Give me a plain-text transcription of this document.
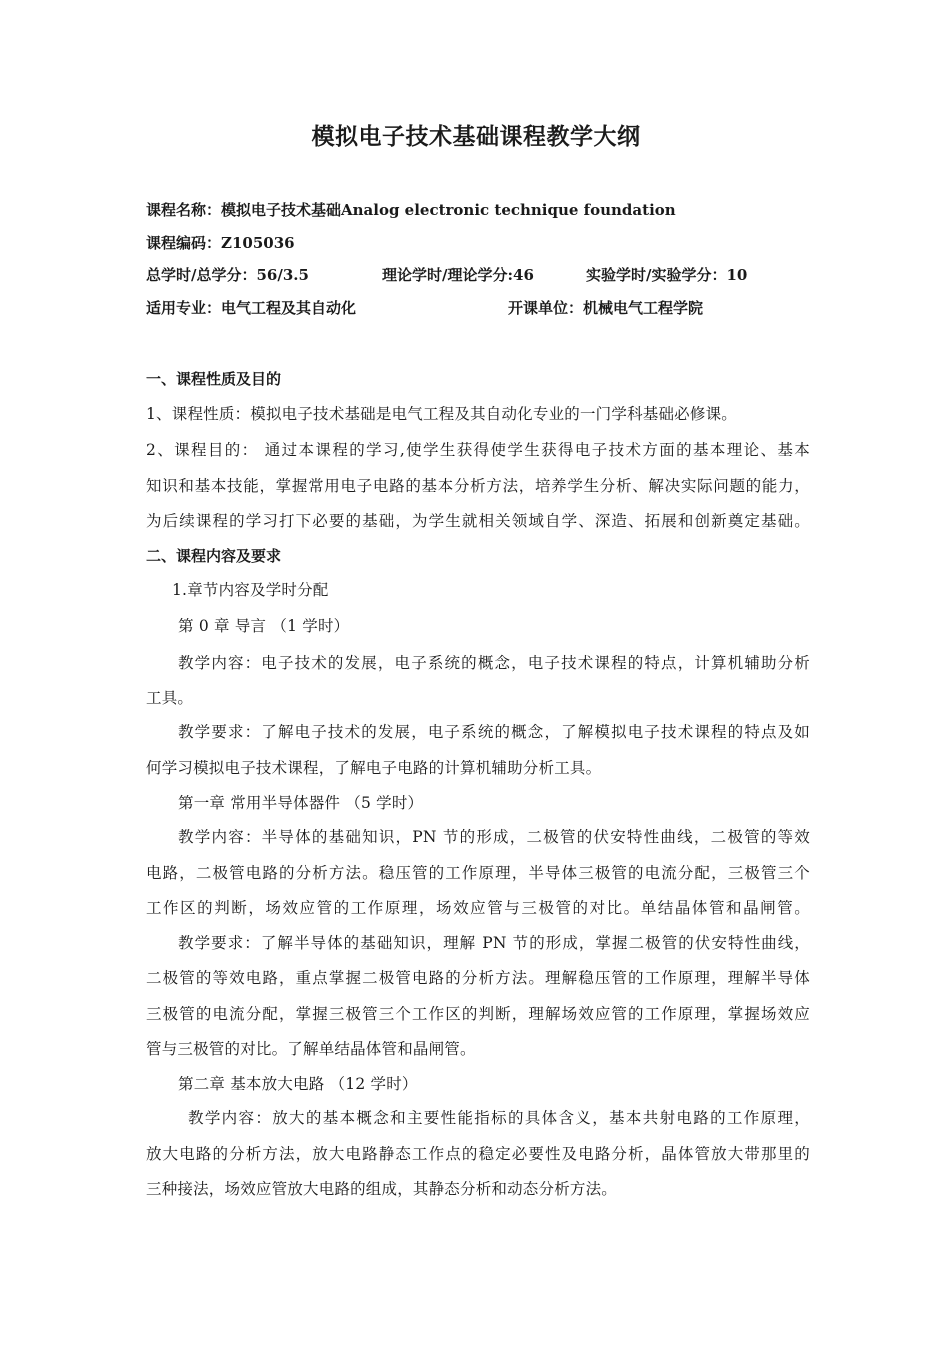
模拟电子技术基础课程教学大纲
课程名称：模拟电子技术基础Analog electronic technique foundation
课程编码：Z105036
总学时/总学分：56/3.5	理论学时/理论学分:46	实验学时/实验学分：10
适用专业：电气工程及其自动化	开课单位：机械电气工程学院
一、课程性质及目的
1、课程性质：模拟电子技术基础是电气工程及其自动化专业的一门学科基础必修课。
2、课程目的： 通过本课程的学习,使学生获得使学生获得电子技术方面的基本理论、基本
知识和基本技能，掌握常用电子电路的基本分析方法，培养学生分析、解决实际问题的能力，
为后续课程的学习打下必要的基础，为学生就相关领域自学、深造、拓展和创新奠定基础。
二、课程内容及要求
1.章节内容及学时分配
第 0 章 导言 （1 学时）
教学内容：电子技术的发展，电子系统的概念，电子技术课程的特点，计算机辅助分析
工具。
教学要求：了解电子技术的发展，电子系统的概念，了解模拟电子技术课程的特点及如
何学习模拟电子技术课程，了解电子电路的计算机辅助分析工具。
第一章 常用半导体器件 （5 学时）
教学内容：半导体的基础知识，PN 节的形成，二极管的伏安特性曲线，二极管的等效
电路，二极管电路的分析方法。稳压管的工作原理，半导体三极管的电流分配，三极管三个
工作区的判断，场效应管的工作原理，场效应管与三极管的对比。单结晶体管和晶闸管。
教学要求：了解半导体的基础知识，理解 PN 节的形成，掌握二极管的伏安特性曲线，
二极管的等效电路，重点掌握二极管电路的分析方法。理解稳压管的工作原理，理解半导体
三极管的电流分配，掌握三极管三个工作区的判断，理解场效应管的工作原理，掌握场效应
管与三极管的对比。了解单结晶体管和晶闸管。
第二章 基本放大电路 （12 学时）
教学内容：放大的基本概念和主要性能指标的具体含义，基本共射电路的工作原理，
放大电路的分析方法，放大电路静态工作点的稳定必要性及电路分析，晶体管放大带那里的
三种接法，场效应管放大电路的组成，其静态分析和动态分析方法。
